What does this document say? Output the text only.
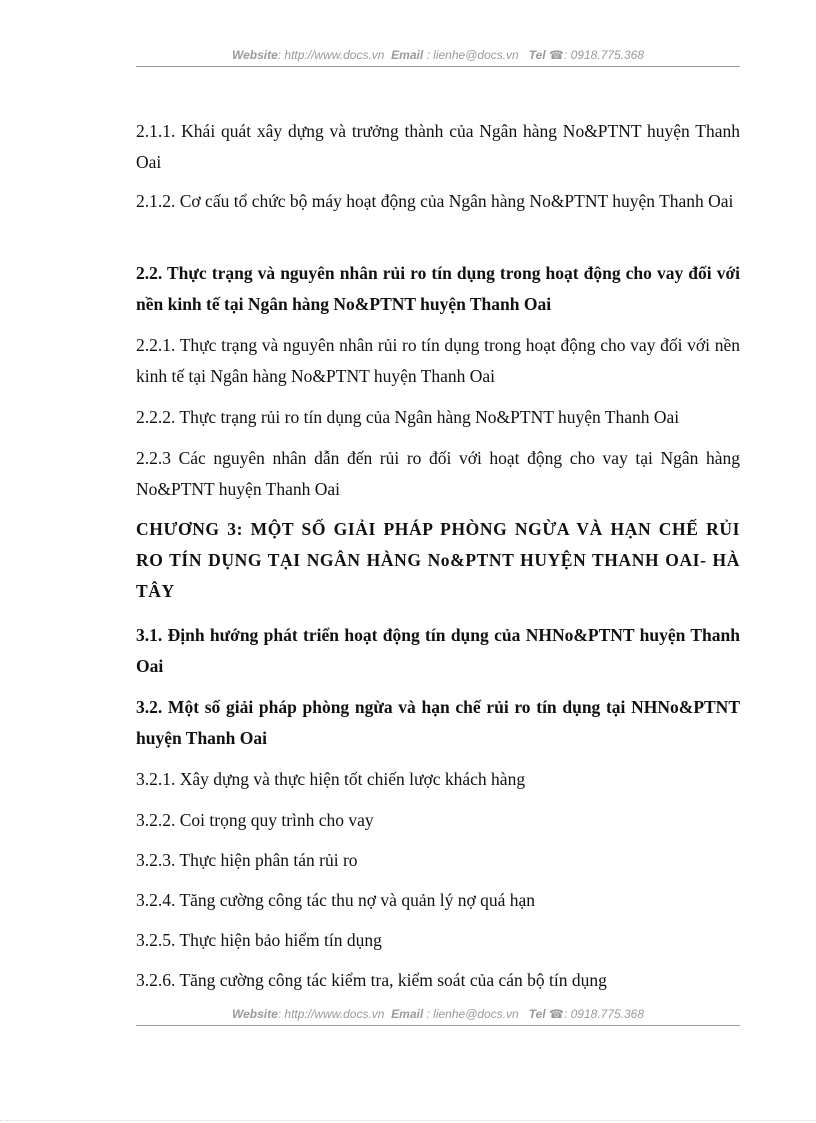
Website: http://www.docs.vn Email : lienhe@docs.vn Tel ☎: 0918.775.368

2.1.1. Khái quát xây dựng và trưởng thành của Ngân hàng No&PTNT huyện Thanh Oai

2.1.2. Cơ cấu tổ chức bộ máy hoạt động của Ngân hàng No&PTNT huyện Thanh Oai

2.2. Thực trạng và nguyên nhân rủi ro tín dụng trong hoạt động cho vay đối với nền kinh tế tại Ngân hàng No&PTNT huyện Thanh Oai

2.2.1. Thực trạng và nguyên nhân rủi ro tín dụng trong hoạt động cho vay đối với nền kinh tế tại Ngân hàng No&PTNT huyện Thanh Oai

2.2.2. Thực trạng rủi ro tín dụng của Ngân hàng No&PTNT huyện Thanh Oai

2.2.3 Các nguyên nhân dẫn đến rủi ro đối với hoạt động cho vay tại Ngân hàng No&PTNT huyện Thanh Oai

CHƯƠNG 3: MỘT SỐ GIẢI PHÁP PHÒNG NGỪA VÀ HẠN CHẾ RỦI RO TÍN DỤNG TẠI NGÂN HÀNG No&PTNT HUYỆN THANH OAI- HÀ TÂY

3.1. Định hướng phát triển hoạt động tín dụng của NHNo&PTNT huyện Thanh Oai

3.2. Một số giải pháp phòng ngừa và hạn chế rủi ro tín dụng tại NHNo&PTNT huyện Thanh Oai

3.2.1. Xây dựng và thực hiện tốt chiến lược khách hàng

3.2.2. Coi trọng quy trình cho vay

3.2.3. Thực hiện phân tán rủi ro

3.2.4. Tăng cường công tác thu nợ và quản lý nợ quá hạn

3.2.5. Thực hiện bảo hiểm tín dụng

3.2.6. Tăng cường công tác kiểm tra, kiểm soát của cán bộ tín dụng

Website: http://www.docs.vn Email : lienhe@docs.vn Tel ☎: 0918.775.368
